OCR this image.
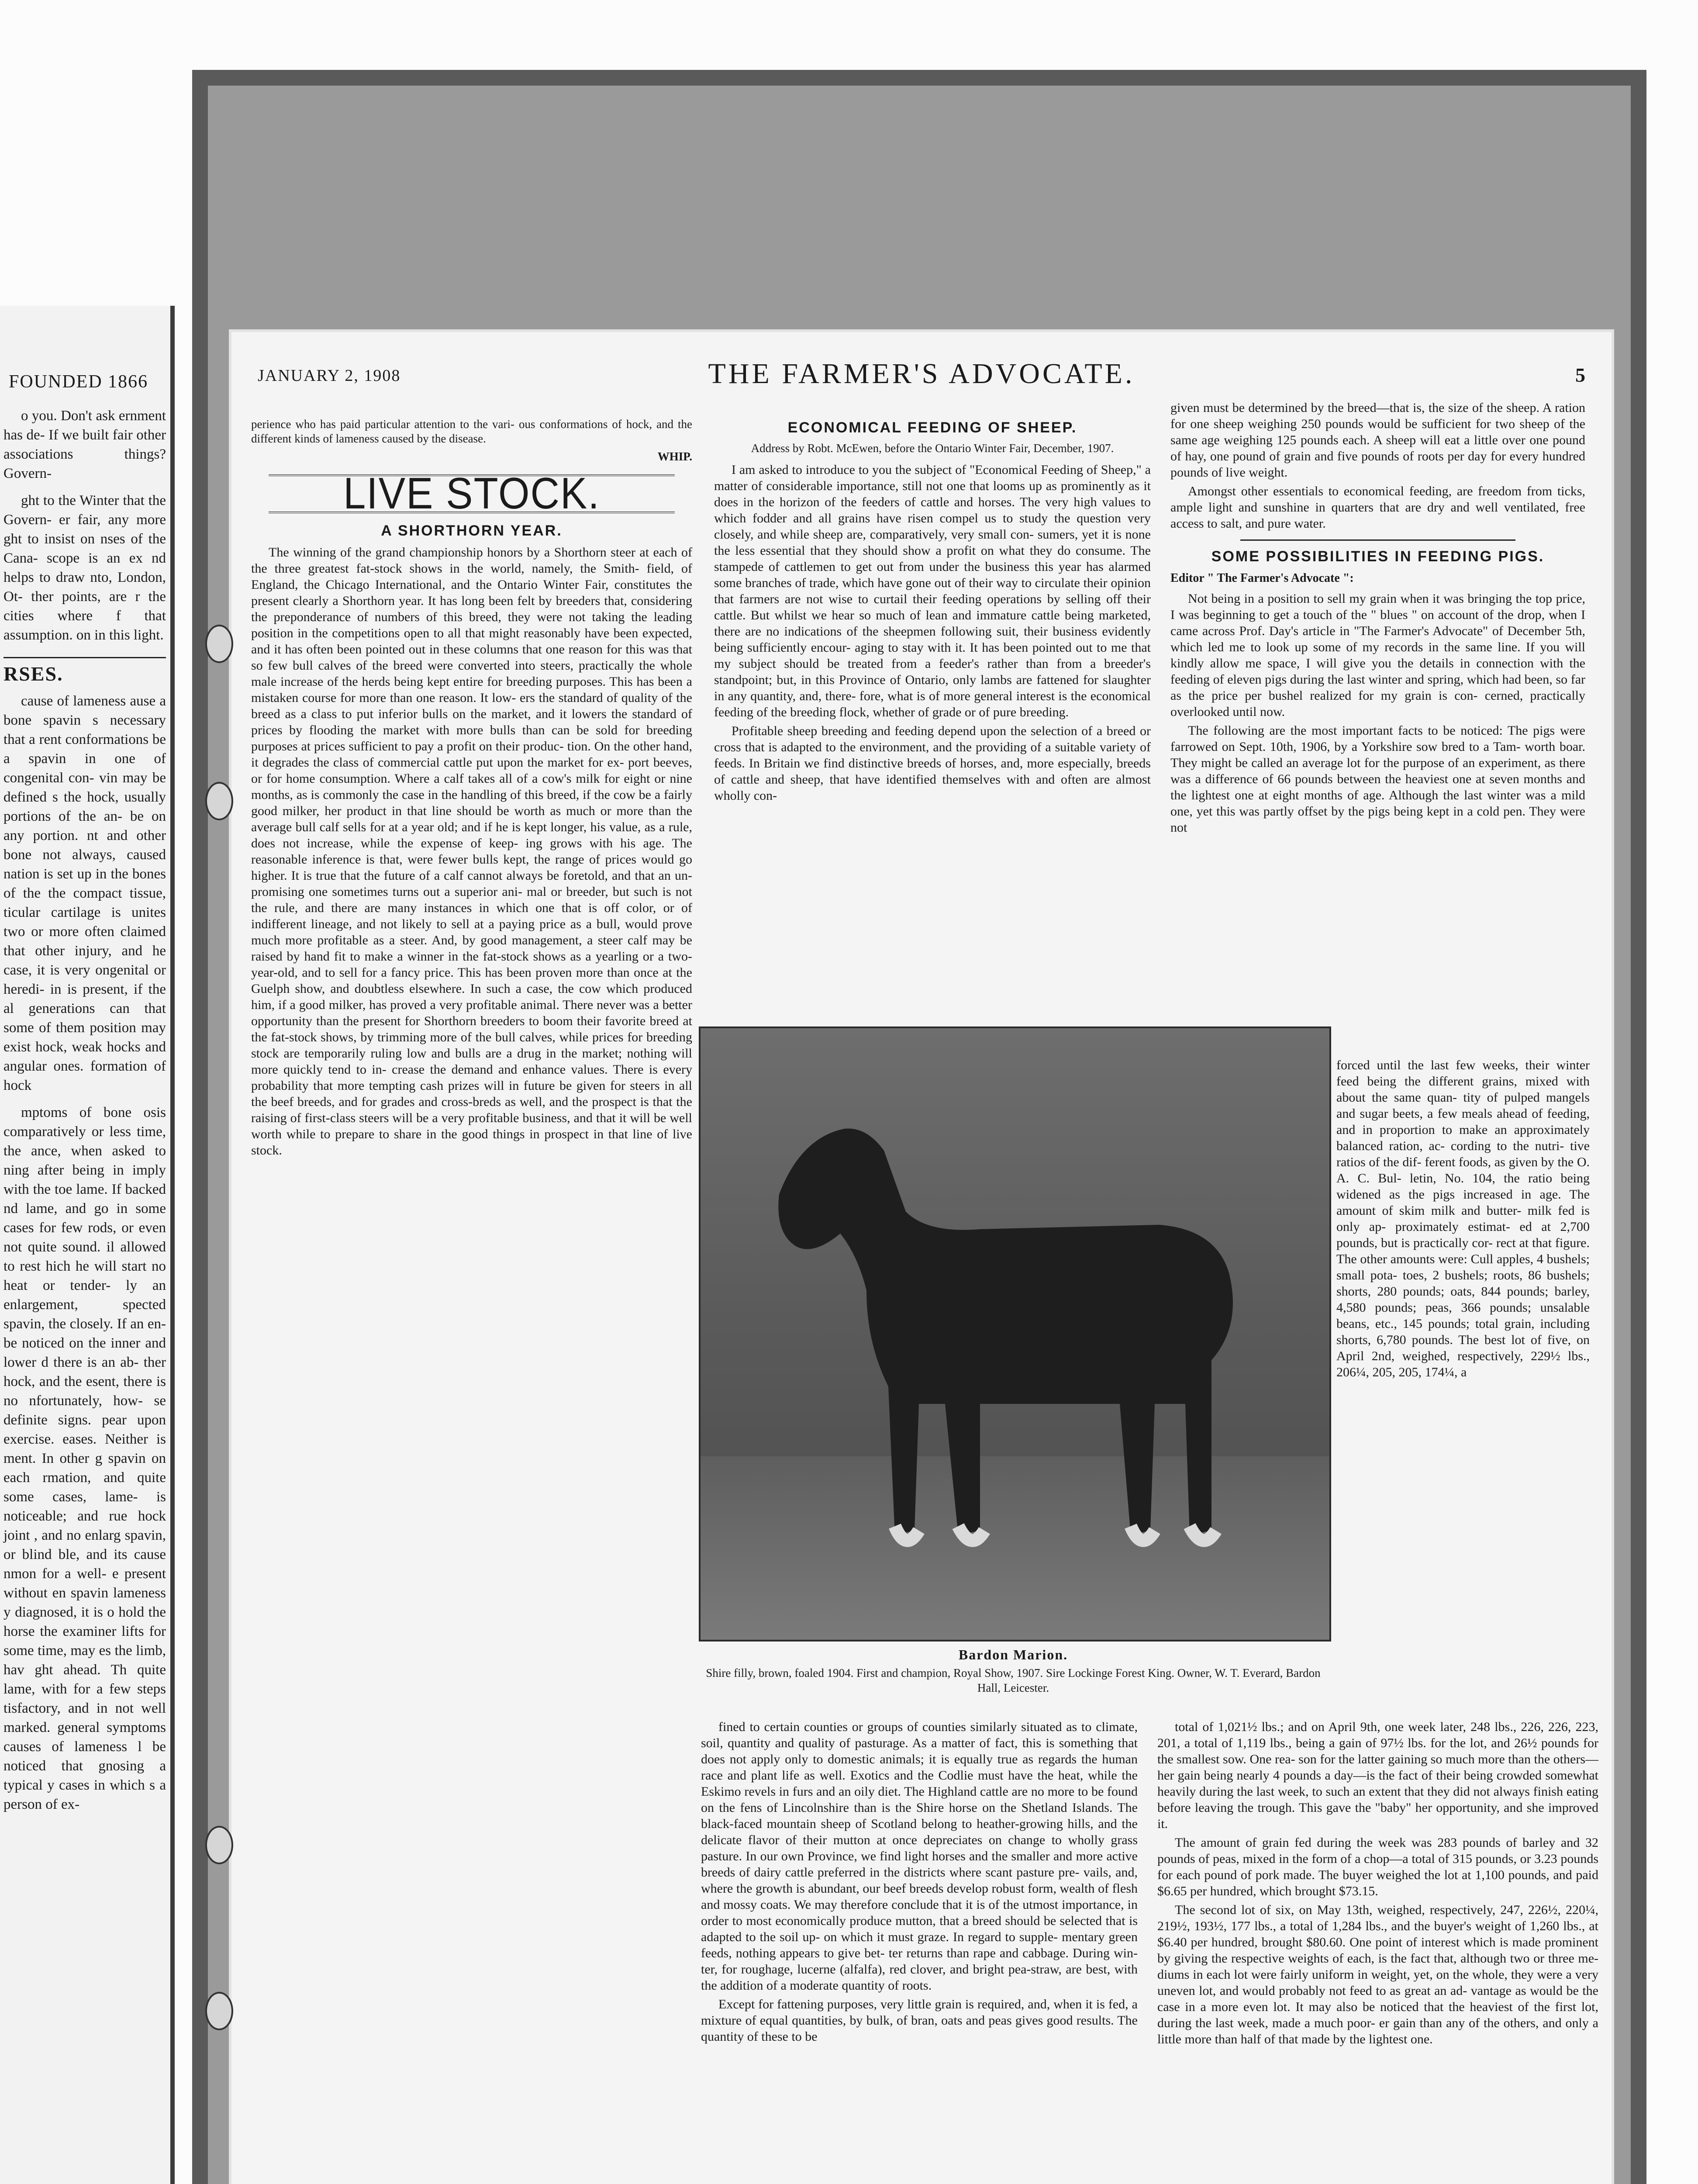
FOUNDED 1866

o you. Don't ask ernment has de- If we built fair other associations things? Govern-

ght to the Winter that the Govern- er fair, any more ght to insist on nses of the Cana- scope is an ex nd helps to draw nto, London, Ot- ther points, are r the cities where f that assumption. on in this light.

RSES.

cause of lameness ause a bone spavin s necessary that a rent conformations be a spavin in one of congenital con- vin may be defined s the hock, usually portions of the an- be on any portion. nt and other bone not always, caused nation is set up in the bones of the the compact tissue, ticular cartilage is unites two or more often claimed that other injury, and he case, it is very ongenital or heredi- in is present, if the al generations can that some of them position may exist hock, weak hocks and angular ones. formation of hock

mptoms of bone osis comparatively or less time, the ance, when asked to ning after being in imply with the toe lame. If backed nd lame, and go in some cases for few rods, or even not quite sound. il allowed to rest hich he will start no heat or tender- ly an enlargement, spected spavin, the closely. If an en- be noticed on the inner and lower d there is an ab- ther hock, and the esent, there is no nfortunately, how- se definite signs. pear upon exercise. eases. Neither is ment. In other g spavin on each rmation, and quite some cases, lame- is noticeable; and rue hock joint , and no enlarg spavin, or blind ble, and its cause nmon for a well- e present without en spavin lameness y diagnosed, it is o hold the horse the examiner lifts for some time, may es the limb, hav ght ahead. Th quite lame, with for a few steps tisfactory, and in not well marked. general symptoms causes of lameness l be noticed that gnosing a typical y cases in which s a person of ex-

JANUARY 2, 1908	THE FARMER'S ADVOCATE.	5

perience who has paid particular attention to the vari- ous conformations of hock, and the different kinds of lameness caused by the disease.

WHIP.
LIVE STOCK.
A SHORTHORN YEAR.

The winning of the grand championship honors by a Shorthorn steer at each of the three greatest fat-stock shows in the world, namely, the Smith- field, of England, the Chicago International, and the Ontario Winter Fair, constitutes the present clearly a Shorthorn year. It has long been felt by breeders that, considering the preponderance of numbers of this breed, they were not taking the leading position in the competitions open to all that might reasonably have been expected, and it has often been pointed out in these columns that one reason for this was that so few bull calves of the breed were converted into steers, practically the whole male increase of the herds being kept entire for breeding purposes. This has been a mistaken course for more than one reason. It low- ers the standard of quality of the breed as a class to put inferior bulls on the market, and it lowers the standard of prices by flooding the market with more bulls than can be sold for breeding purposes at prices sufficient to pay a profit on their produc- tion. On the other hand, it degrades the class of commercial cattle put upon the market for ex- port beeves, or for home consumption. Where a calf takes all of a cow's milk for eight or nine months, as is commonly the case in the handling of this breed, if the cow be a fairly good milker, her product in that line should be worth as much or more than the average bull calf sells for at a year old; and if he is kept longer, his value, as a rule, does not increase, while the expense of keep- ing grows with his age. The reasonable inference is that, were fewer bulls kept, the range of prices would go higher. It is true that the future of a calf cannot always be foretold, and that an un- promising one sometimes turns out a superior ani- mal or breeder, but such is not the rule, and there are many instances in which one that is off color, or of indifferent lineage, and not likely to sell at a paying price as a bull, would prove much more profitable as a steer. And, by good management, a steer calf may be raised by hand fit to make a winner in the fat-stock shows as a yearling or a two-year-old, and to sell for a fancy price. This has been proven more than once at the Guelph show, and doubtless elsewhere. In such a case, the cow which produced him, if a good milker, has proved a very profitable animal. There never was a better opportunity than the present for Shorthorn breeders to boom their favorite breed at the fat-stock shows, by trimming more of the bull calves, while prices for breeding stock are temporarily ruling low and bulls are a drug in the market; nothing will more quickly tend to in- crease the demand and enhance values. There is every probability that more tempting cash prizes will in future be given for steers in all the beef breeds, and for grades and cross-breds as well, and the prospect is that the raising of first-class steers will be a very profitable business, and that it will be well worth while to prepare to share in the good things in prospect in that line of live stock.

ECONOMICAL FEEDING OF SHEEP.
Address by Robt. McEwen, before the Ontario Winter Fair, December, 1907.

I am asked to introduce to you the subject of "Economical Feeding of Sheep," a matter of considerable importance, still not one that looms up as prominently as it does in the horizon of the feeders of cattle and horses. The very high values to which fodder and all grains have risen compel us to study the question very closely, and while sheep are, comparatively, very small con- sumers, yet it is none the less essential that they should show a profit on what they do consume. The stampede of cattlemen to get out from under the business this year has alarmed some branches of trade, which have gone out of their way to circulate their opinion that farmers are not wise to curtail their feeding operations by selling off their cattle. But whilst we hear so much of lean and immature cattle being marketed, there are no indications of the sheepmen following suit, their business evidently being sufficiently encour- aging to stay with it. It has been pointed out to me that my subject should be treated from a feeder's rather than from a breeder's standpoint; but, in this Province of Ontario, only lambs are fattened for slaughter in any quantity, and, there- fore, what is of more general interest is the economical feeding of the breeding flock, whether of grade or of pure breeding.

Profitable sheep breeding and feeding depend upon the selection of a breed or cross that is adapted to the environment, and the providing of a suitable variety of feeds. In Britain we find distinctive breeds of horses, and, more especially, breeds of cattle and sheep, that have identified themselves with and often are almost wholly con-

given must be determined by the breed—that is, the size of the sheep. A ration for one sheep weighing 250 pounds would be sufficient for two sheep of the same age weighing 125 pounds each. A sheep will eat a little over one pound of hay, one pound of grain and five pounds of roots per day for every hundred pounds of live weight.

Amongst other essentials to economical feeding, are freedom from ticks, ample light and sunshine in quarters that are dry and well ventilated, free access to salt, and pure water.

SOME POSSIBILITIES IN FEEDING PIGS.
Editor " The Farmer's Advocate ":

Not being in a position to sell my grain when it was bringing the top price, I was beginning to get a touch of the " blues " on account of the drop, when I came across Prof. Day's article in "The Farmer's Advocate" of December 5th, which led me to look up some of my records in the same line. If you will kindly allow me space, I will give you the details in connection with the feeding of eleven pigs during the last winter and spring, which had been, so far as the price per bushel realized for my grain is con- cerned, practically overlooked until now.

The following are the most important facts to be noticed: The pigs were farrowed on Sept. 10th, 1906, by a Yorkshire sow bred to a Tam- worth boar. They might be called an average lot for the purpose of an experiment, as there was a difference of 66 pounds between the heaviest one at seven months and the lightest one at eight months of age. Although the last winter was a mild one, yet this was partly offset by the pigs being kept in a cold pen. They were not

Bardon Marion.
Shire filly, brown, foaled 1904. First and champion, Royal Show, 1907. Sire Lockinge Forest King. Owner, W. T. Everard, Bardon Hall, Leicester.

forced until the last few weeks, their winter feed being the different grains, mixed with about the same quan- tity of pulped mangels and sugar beets, a few meals ahead of feeding, and in proportion to make an approximately balanced ration, ac- cording to the nutri- tive ratios of the dif- ferent foods, as given by the O. A. C. Bul- letin, No. 104, the ratio being widened as the pigs increased in age. The amount of skim milk and butter- milk fed is only ap- proximately estimat- ed at 2,700 pounds, but is practically cor- rect at that figure. The other amounts were: Cull apples, 4 bushels; small pota- toes, 2 bushels; roots, 86 bushels; shorts, 280 pounds; oats, 844 pounds; barley, 4,580 pounds; peas, 366 pounds; unsalable beans, etc., 145 pounds; total grain, including shorts, 6,780 pounds. The best lot of five, on April 2nd, weighed, respectively, 229½ lbs., 206¼, 205, 205, 174¼, a

fined to certain counties or groups of counties similarly situated as to climate, soil, quantity and quality of pasturage. As a matter of fact, this is something that does not apply only to domestic animals; it is equally true as regards the human race and plant life as well. Exotics and the Codlie must have the heat, while the Eskimo revels in furs and an oily diet. The Highland cattle are no more to be found on the fens of Lincolnshire than is the Shire horse on the Shetland Islands. The black-faced mountain sheep of Scotland belong to heather-growing hills, and the delicate flavor of their mutton at once depreciates on change to wholly grass pasture. In our own Province, we find light horses and the smaller and more active breeds of dairy cattle preferred in the districts where scant pasture pre- vails, and, where the growth is abundant, our beef breeds develop robust form, wealth of flesh and mossy coats. We may therefore conclude that it is of the utmost importance, in order to most economically produce mutton, that a breed should be selected that is adapted to the soil up- on which it must graze. In regard to supple- mentary green feeds, nothing appears to give bet- ter returns than rape and cabbage. During win- ter, for roughage, lucerne (alfalfa), red clover, and bright pea-straw, are best, with the addition of a moderate quantity of roots.

Except for fattening purposes, very little grain is required, and, when it is fed, a mixture of equal quantities, by bulk, of bran, oats and peas gives good results. The quantity of these to be

total of 1,021½ lbs.; and on April 9th, one week later, 248 lbs., 226, 226, 223, 201, a total of 1,119 lbs., being a gain of 97½ lbs. for the lot, and 26½ pounds for the smallest sow. One rea- son for the latter gaining so much more than the others—her gain being nearly 4 pounds a day—is the fact of their being crowded somewhat heavily during the last week, to such an extent that they did not always finish eating before leaving the trough. This gave the "baby" her opportunity, and she improved it.

The amount of grain fed during the week was 283 pounds of barley and 32 pounds of peas, mixed in the form of a chop—a total of 315 pounds, or 3.23 pounds for each pound of pork made. The buyer weighed the lot at 1,100 pounds, and paid $6.65 per hundred, which brought $73.15.

The second lot of six, on May 13th, weighed, respectively, 247, 226½, 220¼, 219½, 193½, 177 lbs., a total of 1,284 lbs., and the buyer's weight of 1,260 lbs., at $6.40 per hundred, brought $80.60. One point of interest which is made prominent by giving the respective weights of each, is the fact that, although two or three me- diums in each lot were fairly uniform in weight, yet, on the whole, they were a very uneven lot, and would probably not feed to as great an ad- vantage as would be the case in a more even lot. It may also be noticed that the heaviest of the first lot, during the last week, made a much poor- er gain than any of the others, and only a little more than half of that made by the lightest one.
